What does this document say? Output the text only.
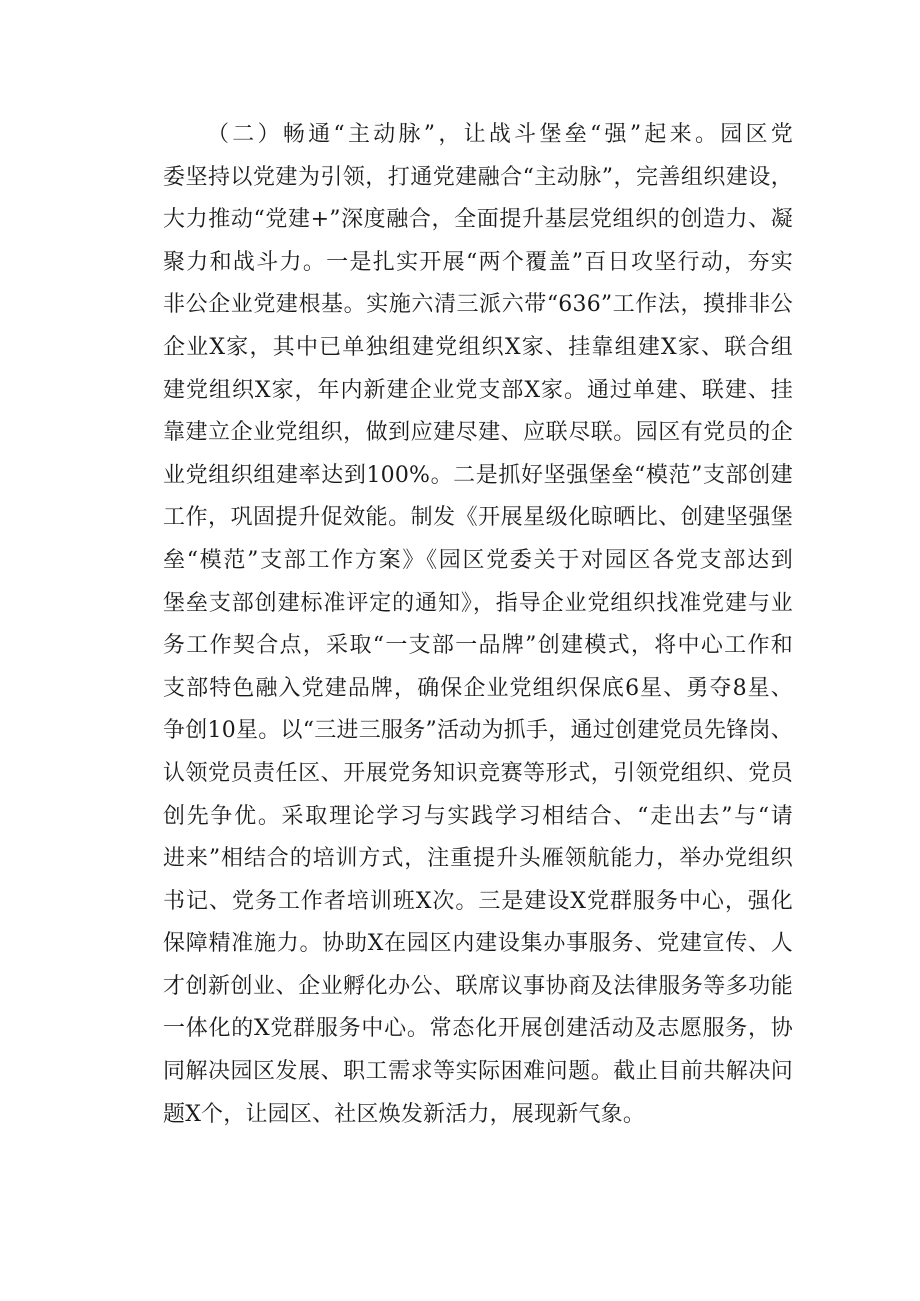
（二）畅通“主动脉”，让战斗堡垒“强”起来。园区党
委坚持以党建为引领，打通党建融合“主动脉”，完善组织建设，
大力推动“党建+”深度融合，全面提升基层党组织的创造力、凝
聚力和战斗力。一是扎实开展“两个覆盖”百日攻坚行动，夯实
非公企业党建根基。实施六清三派六带“636”工作法，摸排非公
企业X家，其中已单独组建党组织X家、挂靠组建X家、联合组
建党组织X家，年内新建企业党支部X家。通过单建、联建、挂
靠建立企业党组织，做到应建尽建、应联尽联。园区有党员的企
业党组织组建率达到100%。二是抓好坚强堡垒“模范”支部创建
工作，巩固提升促效能。制发《开展星级化晾晒比、创建坚强堡
垒“模范”支部工作方案》《园区党委关于对园区各党支部达到
堡垒支部创建标准评定的通知》，指导企业党组织找准党建与业
务工作契合点，采取“一支部一品牌”创建模式，将中心工作和
支部特色融入党建品牌，确保企业党组织保底6星、勇夺8星、
争创10星。以“三进三服务”活动为抓手，通过创建党员先锋岗、
认领党员责任区、开展党务知识竞赛等形式，引领党组织、党员
创先争优。采取理论学习与实践学习相结合、“走出去”与“请
进来”相结合的培训方式，注重提升头雁领航能力，举办党组织
书记、党务工作者培训班X次。三是建设X党群服务中心，强化
保障精准施力。协助X在园区内建设集办事服务、党建宣传、人
才创新创业、企业孵化办公、联席议事协商及法律服务等多功能
一体化的X党群服务中心。常态化开展创建活动及志愿服务，协
同解决园区发展、职工需求等实际困难问题。截止目前共解决问
题X个，让园区、社区焕发新活力，展现新气象。
